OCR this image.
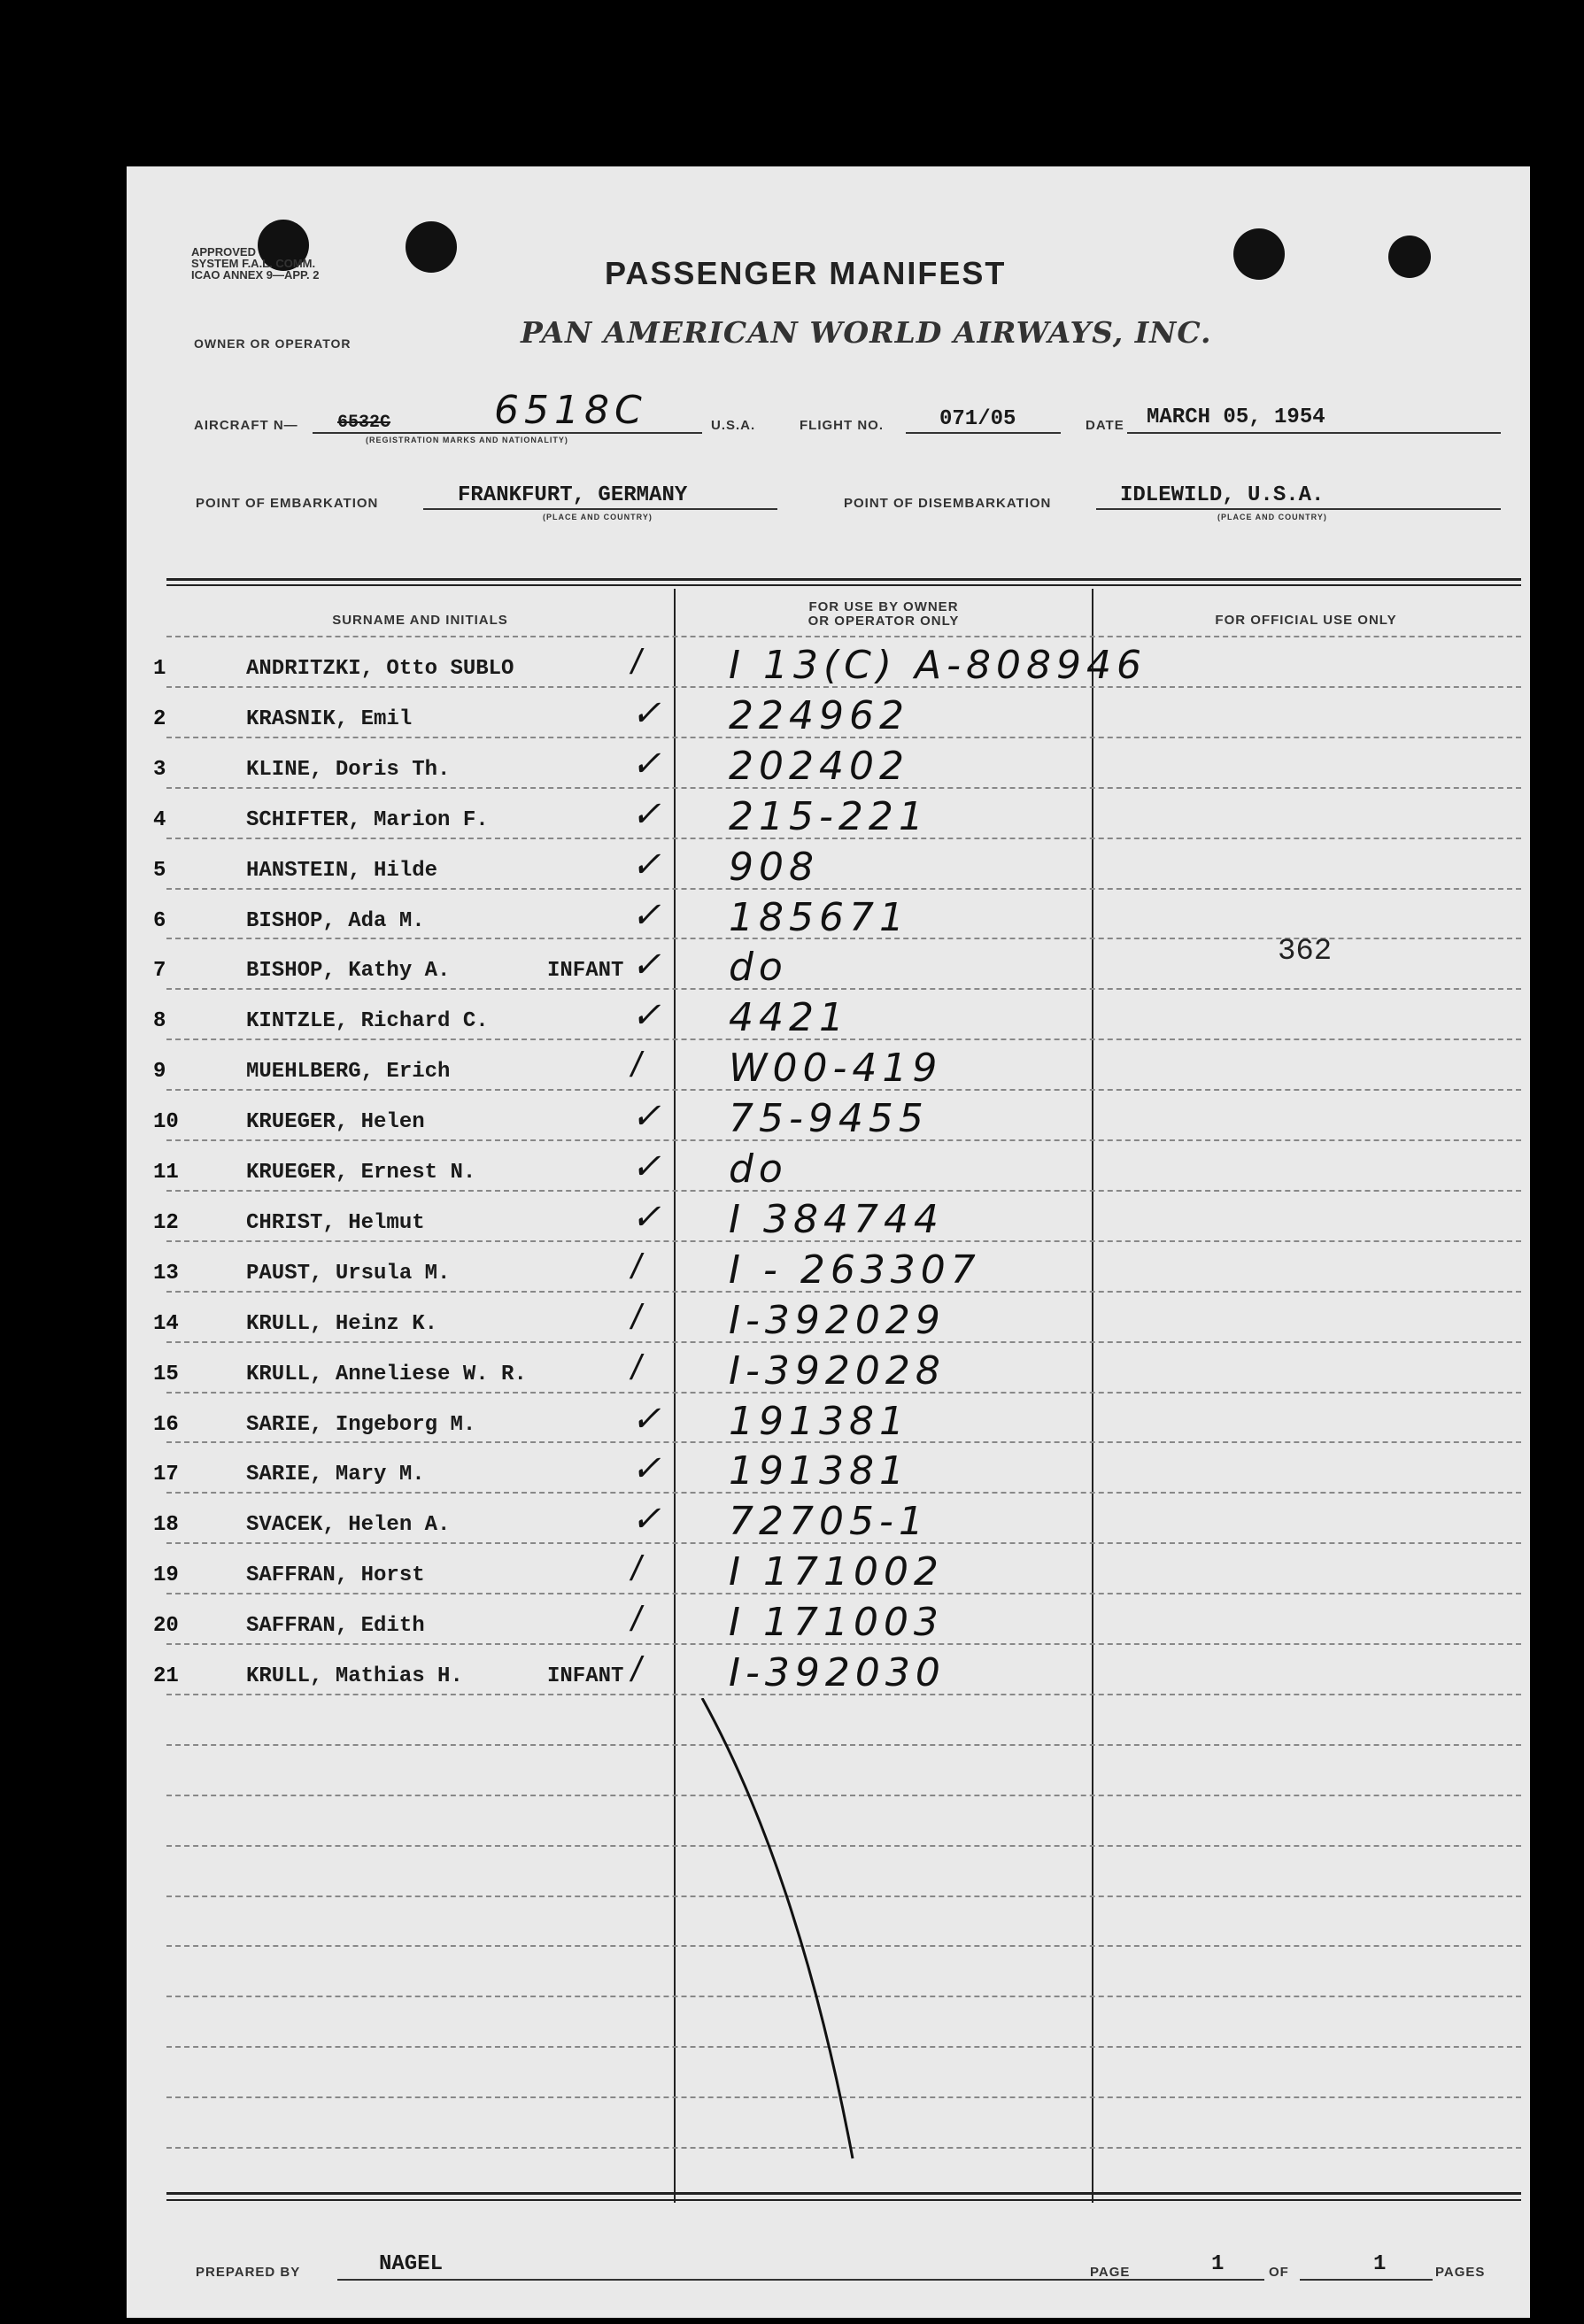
APPROVED
SYSTEM F.A.L. COMM.
ICAO ANNEX 9—APP. 2	PASSENGER MANIFEST
OWNER OR OPERATOR	PAN AMERICAN WORLD AIRWAYS, INC.
AIRCRAFT N— 6532C	6518C
(REGISTRATION MARKS AND NATIONALITY)
U.S.A.	FLIGHT NO.	071/05	DATE MARCH 05, 1954
POINT OF EMBARKATION	FRANKFURT, GERMANY
(PLACE AND COUNTRY)
POINT OF DISEMBARKATION	IDLEWILD, U.S.A.
(PLACE AND COUNTRY)
SURNAME AND INITIALS
FOR USE BY OWNER
OR OPERATOR ONLY	FOR OFFICIAL USE ONLY
1	ANDRITZKI, Otto SUBLO	/ I 13(C) A-808946
2	KRASNIK, Emil	✓ 224962
3	KLINE, Doris Th.	✓ 202402
4	SCHIFTER, Marion F.	✓ 215-221
5	HANSTEIN, Hilde	✓ 908
6	BISHOP, Ada M.	✓ 185671
7	BISHOP, Kathy A.	INFANT ✓ do
8	KINTZLE, Richard C.	✓ 4421
9	MUEHLBERG, Erich	/ W00-419
10	KRUEGER, Helen	✓ 75-9455
11	KRUEGER, Ernest N.	✓ do
12	CHRIST, Helmut	✓ I 384744
13	PAUST, Ursula M.	/ I - 263307
14	KRULL, Heinz K.	/ I-392029
15	KRULL, Anneliese W. R.	/ I-392028
16	SARIE, Ingeborg M.	✓ 191381
17	SARIE, Mary M.	✓ 191381
18	SVACEK, Helen A.	✓ 72705-1
19	SAFFRAN, Horst	/ I 171002
20	SAFFRAN, Edith	/ I 171003
21	KRULL, Mathias H.	INFANT / I-392030
362
PREPARED BY	NAGEL	PAGE	1	OF	1	PAGES
